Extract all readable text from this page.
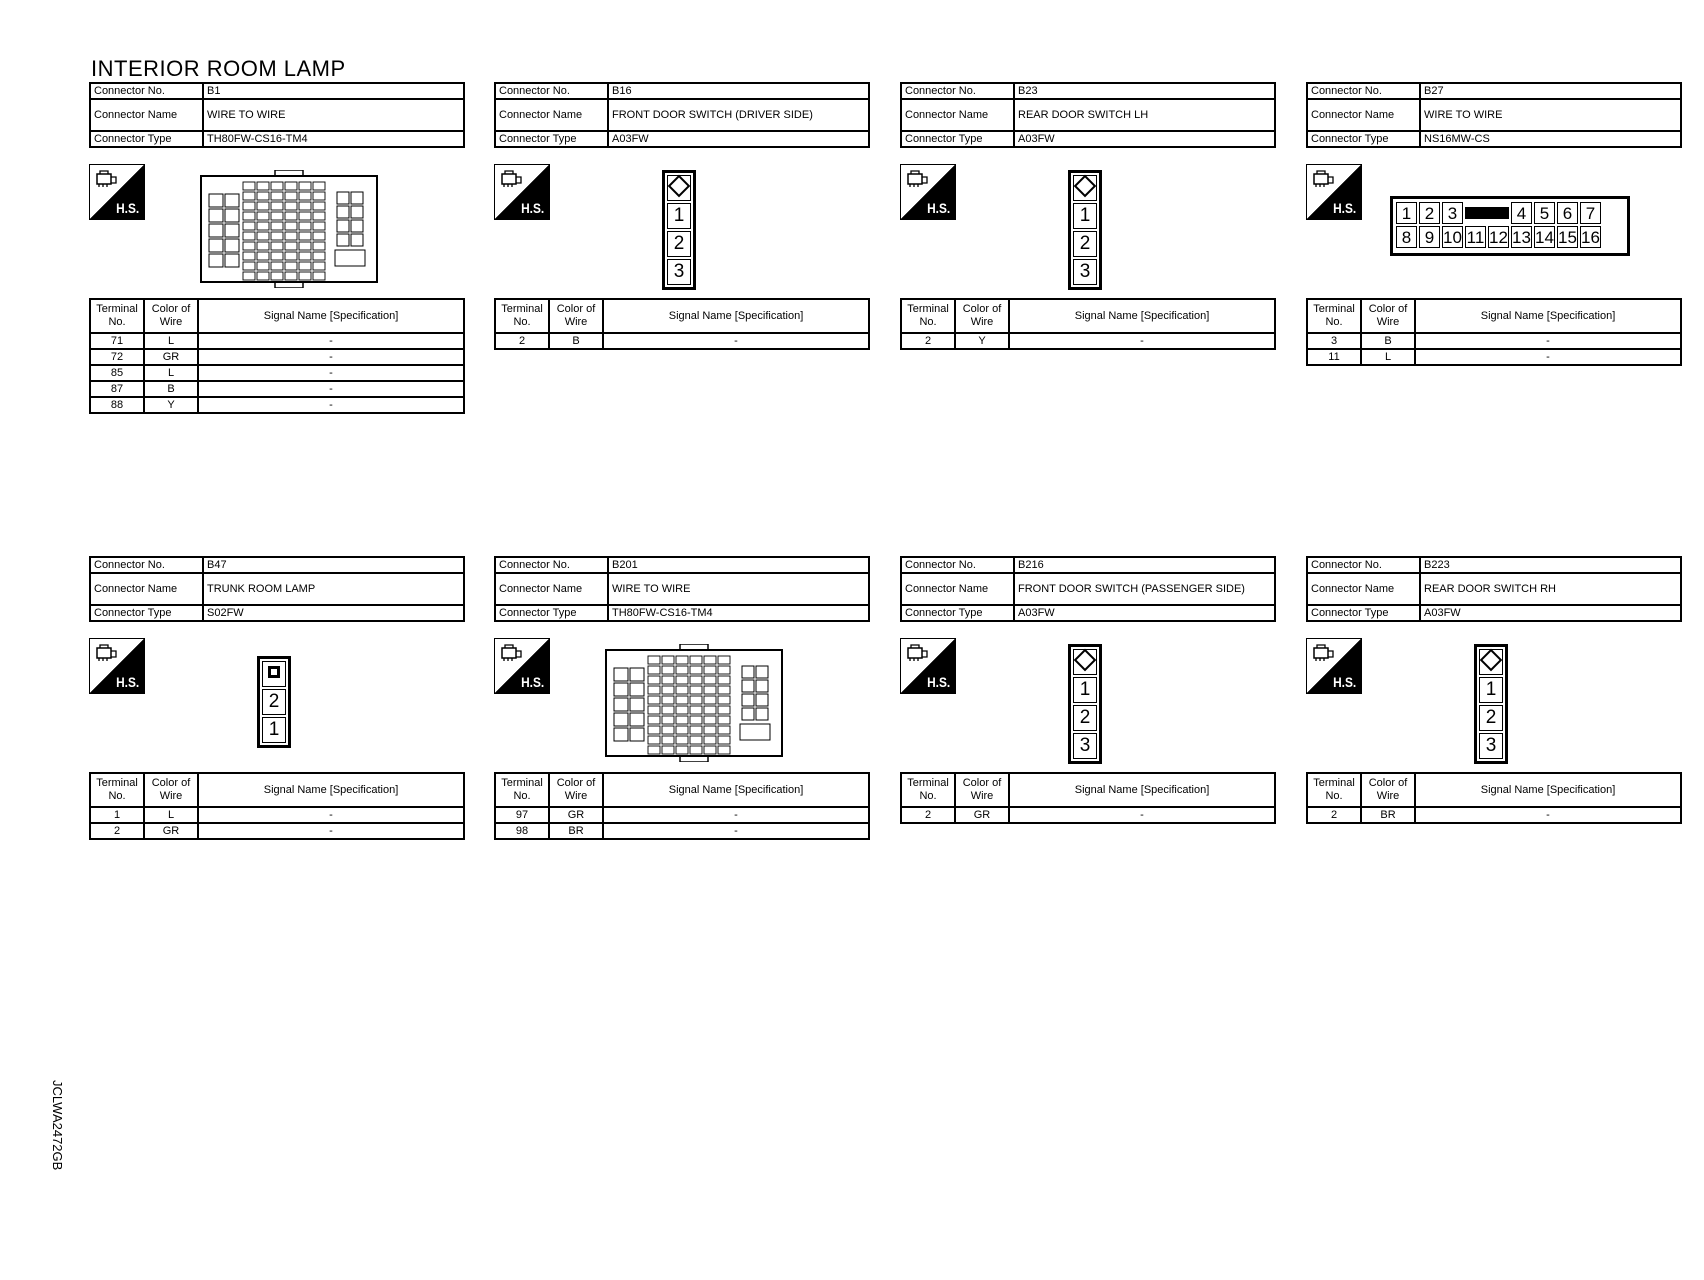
INTERIOR ROOM LAMP
JCLWA2472GB
Connector No.	B1
Connector Name	WIRE TO WIRE
Connector Type	TH80FW-CS16-TM4
H.S.
Terminal No.	Color of Wire	Signal Name [Specification]
71	L	-
72	GR	-
85	L	-
87	B	-
88	Y	-
Connector No.	B16
Connector Name	FRONT DOOR SWITCH (DRIVER SIDE)
Connector Type	A03FW
H.S.	1
2
3
Terminal No.	Color of Wire	Signal Name [Specification]
2	B	-
Connector No.	B23
Connector Name	REAR DOOR SWITCH LH
Connector Type	A03FW
H.S.	1
2
3
Terminal No.	Color of Wire	Signal Name [Specification]
2	Y	-
Connector No.	B27
Connector Name	WIRE TO WIRE
Connector Type	NS16MW-CS
H.S.	1 2 3	4 5 6 7
8 9 10 11 12 13 14 15 16
Terminal No.	Color of Wire	Signal Name [Specification]
3	B	-
11	L	-
Connector No.	B47
Connector Name	TRUNK ROOM LAMP
Connector Type	S02FW
H.S.
2
1
Terminal No.	Color of Wire	Signal Name [Specification]
1	L	-
2	GR	-
Connector No.	B201
Connector Name	WIRE TO WIRE
Connector Type	TH80FW-CS16-TM4
H.S.
Terminal No.	Color of Wire	Signal Name [Specification]
97	GR	-
98	BR	-
Connector No.	B216
Connector Name	FRONT DOOR SWITCH (PASSENGER SIDE)
Connector Type	A03FW
H.S.	1
2
3
Terminal No.	Color of Wire	Signal Name [Specification]
2	GR	-
Connector No.	B223
Connector Name	REAR DOOR SWITCH RH
Connector Type	A03FW
H.S.	1
2
3
Terminal No.	Color of Wire	Signal Name [Specification]
2	BR	-
